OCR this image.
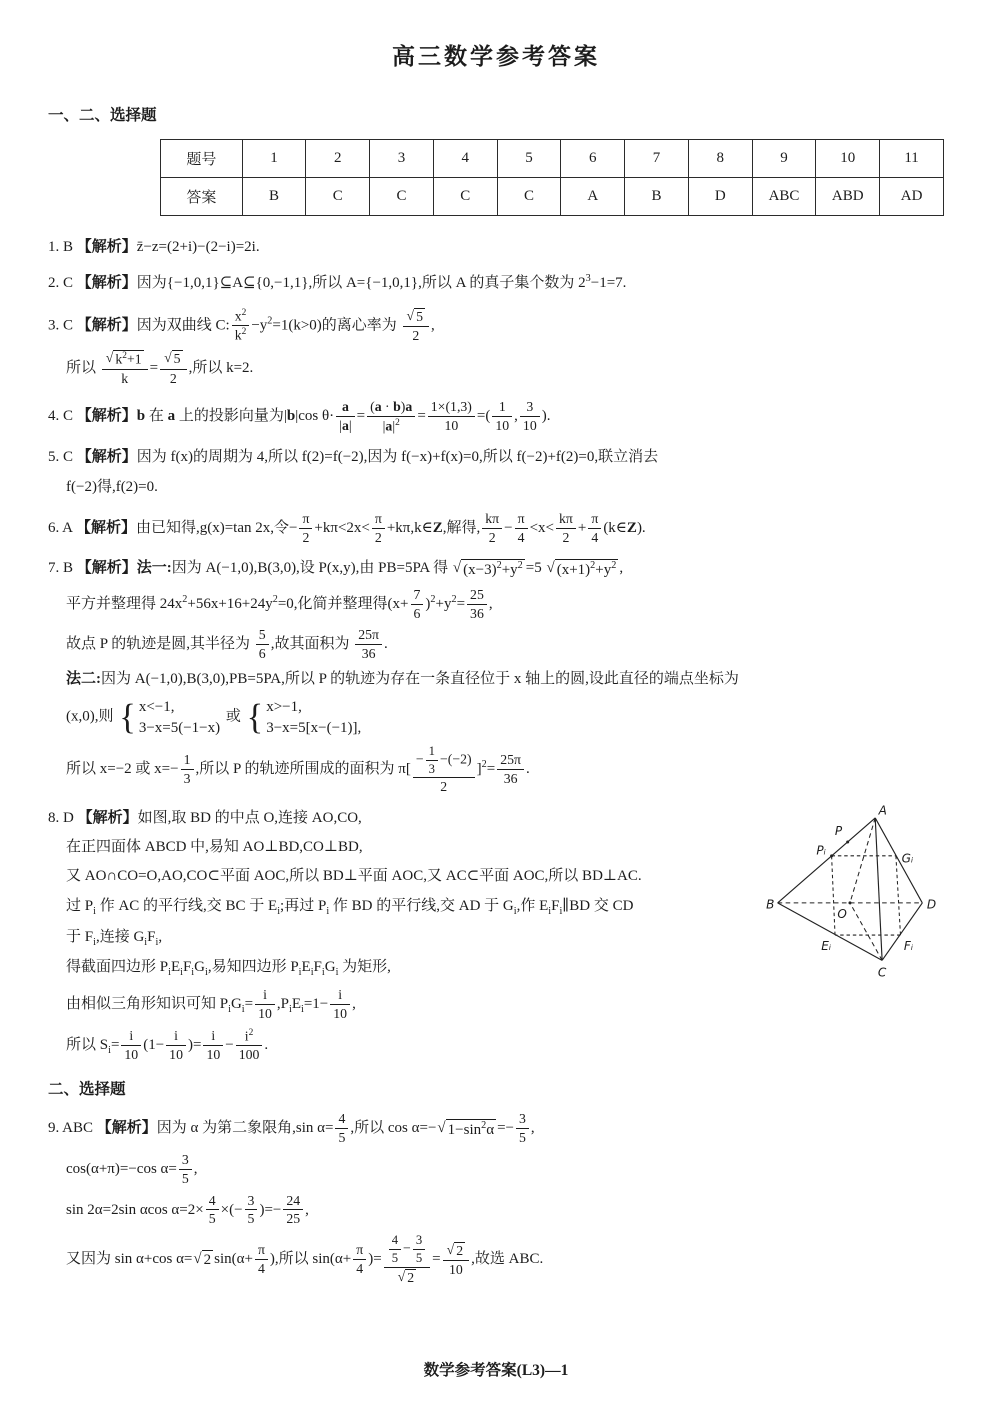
高三数学参考答案
一、二、选择题
题号	1	2	3	4	5	6	7	8	9	10	11
答案	B	C	C	C	C	A	B	D	ABC	ABD	AD
1. B 【解析】z̄−z=(2+i)−(2−i)=2i.
2. C 【解析】因为{−1,0,1}⊆A⊆{0,−1,1},所以 A={−1,0,1},所以 A 的真子集个数为 $2^3-1=7$.
3. C 【解析】因为双曲线 C: $\frac{x^2}{k^2} -y^2=1(k>0)$的离心率为 $\frac{√ 5}{2}$ ,
所以 $\frac{√ k^2+1}{k} = \frac{√ 5}{2}$ ,所以 k=2.
4. C 【解析】b 在 a 上的投影向量为|b|cos $\theta\cdot \frac{a}{|a|} = \frac{(a \cdot b)a}{|a|^2} = \frac{1\times(1,3)}{10}$ =( $\frac{1}{10}$ , $\frac{3}{10}$ ).
5. C 【解析】因为 f(x)的周期为 4,所以 f(2)=f(−2),因为 f(−x)+f(x)=0,所以 f(−2)+f(2)=0,联立消去
f(−2)得,f(2)=0.
6. A 【解析】由已知得,g(x)=tan 2x,令− $\frac{\pi}{2} +k\pi<2x< \frac{\pi}{2}$ +kπ,k∈Z,解得, $\frac{k\pi}{2} - \frac{\pi}{4} <x< \frac{k\pi}{2} + \frac{\pi}{4}$ (k∈Z).
7. B 【解析】法一:因为 A(−1,0),B(3,0),设 P(x,y),由 PB=5PA 得 √ $(x-3)^2+y^2 =5$ √ $(x+1)^2+y^2$ ,
平方并整理得 $24x^2+56x+16+24y^2=0$,化简并整理得$(x+ \frac{7}{6} )^2+y^2= \frac{25}{36}$ ,
故点 P 的轨迹是圆,其半径为 $\frac{5}{6}$ ,故其面积为 $\frac{25\pi}{36}$ .
法二:因为 A(−1,0),B(3,0),PB=5PA,所以 P 的轨迹为存在一条直径位于 x 轴上的圆,设此直径的端点坐标为
(x,0),则 { x<−1,
3−x=5(−1−x)
或 { x>−1,
3−x=5[x−(−1)],
所以 x=−2 或 $x=- \frac{1}{3}$ ,所以 P 的轨迹所围成的面积为 $\pi[ \frac{- \frac{1}{3} -(-2)}{2} ]^2= \frac{25\pi}{36}$ .
8. D 【解析】如图,取 BD 的中点 O,连接 AO,CO,
在正四面体 ABCD 中,易知 AO⊥BD,CO⊥BD,
又 AO∩CO=O,AO,CO⊂平面 AOC,所以 BD⊥平面 AOC,又 AC⊂平面 AOC,所以 BD⊥AC.
过 $P_i$ 作 AC 的平行线,交 BC 于 $E_i$;再过 $P_i$ 作 BD 的平行线,交 AD 于 $G_i$,作 $E_iF_i\parallel BD$ 交 CD
于 $F_i$,连接 $G_iF_i$,
得截面四边形 $P_iE_iF_iG_i$,易知四边形 $P_iE_iF_iG_i$ 为矩形,
由相似三角形知识可知 $P_iG_i= \frac{i}{10} ,P_iE_i=1- \frac{i}{10}$ ,
所以 $S_i= \frac{i}{10} (1- \frac{i}{10}$ )= $\frac{i}{10} - \frac{i^2}{100}$ .
A
P
Pᵢ
Gᵢ
B
O
D
Eᵢ	Fᵢ
C
二、选择题
9. ABC 【解析】因为 α 为第二象限角,sin $\alpha= \frac{4}{5}$ ,所以 cos α=− √ $1-\sin^2\alpha =- \frac{3}{5}$ ,
cos(α+π)=−cos $\alpha= \frac{3}{5}$ ,
sin 2α=2sin αcos $\alpha=2\times \frac{4}{5}$ ×(− $\frac{3}{5}$ )=− $\frac{24}{25}$ ,
又因为 sin α+cos α= √ 2 $\sin(\alpha+ \frac{\pi}{4}$ ),所以 $\sin(\alpha+ \frac{\pi}{4}$ )= $\frac{\frac{4}{5} - \frac{3}{5}}{√ 2} = \frac{√ 2}{10}$ ,故选 ABC.
数学参考答案(L3)—1
